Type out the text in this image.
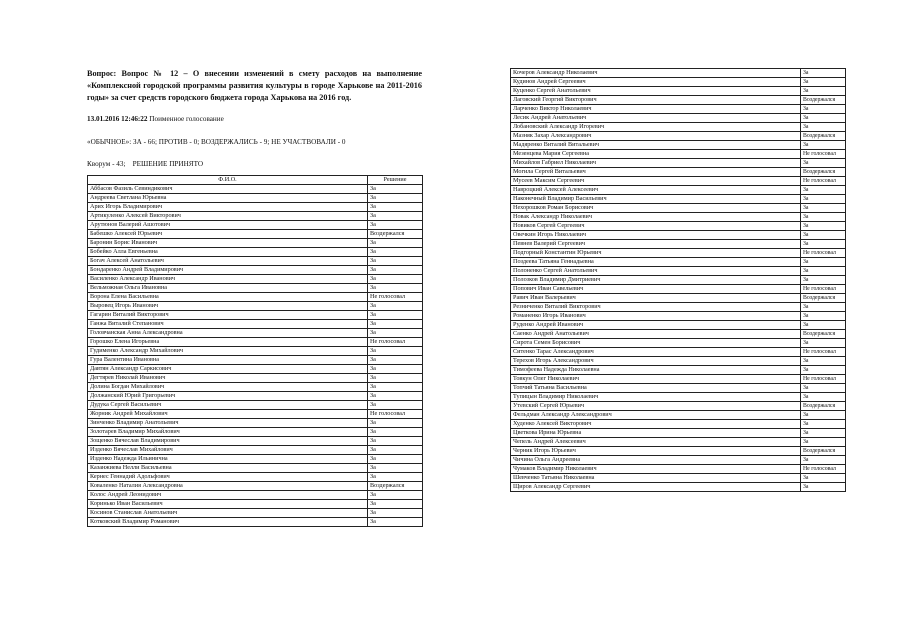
Вопрос: Вопрос № 12 – О внесении изменений в смету расходов на выполнение «Комплексной городской программы развития культуры в городе Харькове на 2011-2016 годы» за счет средств городского бюджета города Харькова на 2016 год.

13.01.2016 12:46:22 Поименное голосование

«ОБЫЧНОЕ»: ЗА - 66; ПРОТИВ - 0; ВОЗДЕРЖАЛИСЬ - 9; НЕ УЧАСТВОВАЛИ - 0

Кворум - 43; РЕШЕНИЕ ПРИНЯТО

Ф.И.О.	Решение
Аббасов Фазиль Севиндикович	За
Андреева Светлана Юрьевна	За
Арих Игорь Владимирович	За
Артикуленко Алексей Викторович	За
Арутюнов Валерий Ашотович	За
Бабешко Алексей Юрьевич	Воздержался
Баронин Борис Иванович	За
Бобейко Алла Евгеньевна	За
Богач Алексей Анатольевич	За
Бондаренко Андрей Владимирович	За
Василенко Александр Иванович	За
Вельможная Ольга Ивановна	За
Ворона Елена Васильевна	Не голосовал
Выровец Игорь Иванович	За
Гагарин Виталий Викторович	За
Ганжа Виталий Степанович	За
Головчанская Анна Александровна	За
Горошко Елена Игорьевна	Не голосовал
Гудименко Александр Михайлович	За
Гура Валентина Ивановна	За
Давтян Александр Саркисович	За
Дегтярев Николай Иванович	За
Долина Богдан Михайлович	За
Должанский Юрий Григорьевич	За
Дудука Сергей Васильевич	За
Жорник Андрей Михайлович	Не голосовал
Зинченко Владимир Анатольевич	За
Золотарев Владимир Михайлович	За
Зощенко Вячеслав Владимирович	За
Изденко Вячеслав Михайлович	За
Изденко Надежда Ильинична	За
Казанжиева Нелли Васильевна	За
Кернес Геннадий Адольфович	За
Коваленко Наталия Александровна	Воздержался
Колос Андрей Леонидович	За
Коринько Иван Васильевич	За
Косинов Станислав Анатольевич	За
Котковский Владимир Романович	За
Кочеров Александр Николаевич	За
Кудинов Андрей Сергеевич	За
Куценко Сергей Анатольевич	За
Лаговский Георгий Викторович	Воздержался
Ларченко Виктор Николаевич	За
Лесик Андрей Анатольевич	За
Лобановский Александр Игоревич	За
Мазняк Захар Александрович	Воздержался
Мадяренко Виталий Витальевич	За
Мезенцева Мария Сергеевна	Не голосовал
Михайлов Габриел Николаевич	За
Могила Сергей Витальевич	Воздержался
Мусеев Максим Сергеевич	Не голосовал
Навроцкий Алексей Алексеевич	За
Наконечный Владимир Васильевич	За
Нехорошков Роман Борисович	За
Новак Александр Николаевич	За
Новиков Сергей Сергеевич	За
Овечкин Игорь Николаевич	За
Певнев Валерий Сергеевич	За
Подгорный Константин Юрьевич	Не голосовал
Поздеева Татьяна Геннадьевна	За
Полоненко Сергей Анатольевич	За
Полозков Владимир Дмитриевич	За
Попович Иван Савельевич	Не голосовал
Равич Иван Валерьевич	Воздержался
Резниченко Виталий Викторович	За
Романенко Игорь Иванович	За
Руденко Андрей Иванович	За
Саенко Андрей Анатольевич	Воздержался
Сирота Семен Борисович	За
Ситенко Тарас Александрович	Не голосовал
Терехов Игорь Александрович	За
Тимофеева Надежда Николаевна	За
Товкун Олег Николаевич	Не голосовал
Топчий Татьяна Васильевна	За
Тупицын Владимир Николаевич	За
Утевский Сергей Юрьевич	Воздержался
Фельдман Александр Александрович	За
Худенко Алексей Викторович	За
Цветкова Ирина Юрьевна	За
Чепель Андрей Алексеевич	За
Черник Игорь Юрьевич	Воздержался
Чичина Ольга Андреевна	За
Чумаков Владимир Николаевич	Не голосовал
Шевченко Татьяна Николаевна	За
Щиров Александр Сергеевич	За
